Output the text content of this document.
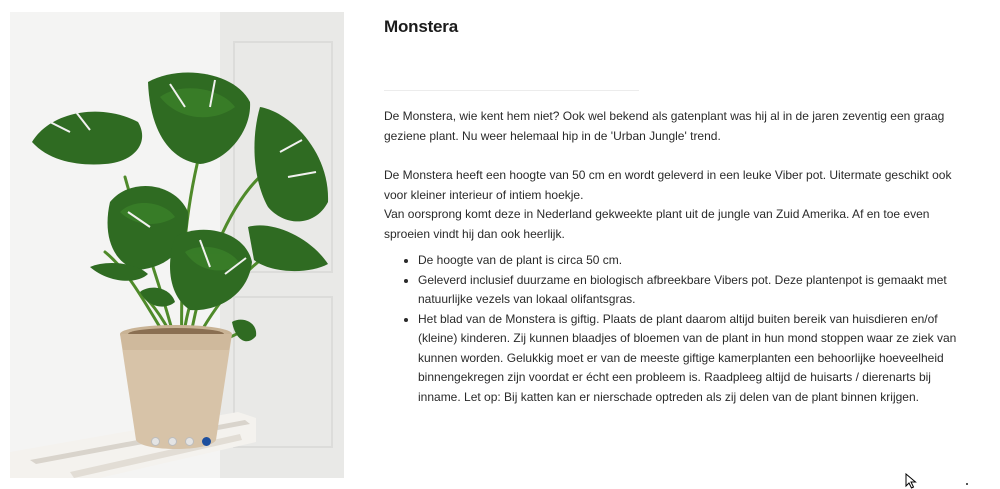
Monstera

De Monstera, wie kent hem niet? Ook wel bekend als gatenplant was hij al in de jaren zeventig een graag geziene plant. Nu weer helemaal hip in de 'Urban Jungle' trend.

De Monstera heeft een hoogte van 50 cm en wordt geleverd in een leuke Viber pot. Uitermate geschikt ook voor kleiner interieur of intiem hoekje.

Van oorsprong komt deze in Nederland gekweekte plant uit de jungle van Zuid Amerika. Af en toe even sproeien vindt hij dan ook heerlijk.

• De hoogte van de plant is circa 50 cm.
• Geleverd inclusief duurzame en biologisch afbreekbare Vibers pot. Deze plantenpot is gemaakt met natuurlijke vezels van lokaal olifantsgras.
• Het blad van de Monstera is giftig. Plaats de plant daarom altijd buiten bereik van huisdieren en/of (kleine) kinderen. Zij kunnen blaadjes of bloemen van de plant in hun mond stoppen waar ze ziek van kunnen worden. Gelukkig moet er van de meeste giftige kamerplanten een behoorlijke hoeveelheid binnengekregen zijn voordat er écht een probleem is. Raadpleeg altijd de huisarts / dierenarts bij inname. Let op: Bij katten kan er nierschade optreden als zij delen van de plant binnen krijgen.
